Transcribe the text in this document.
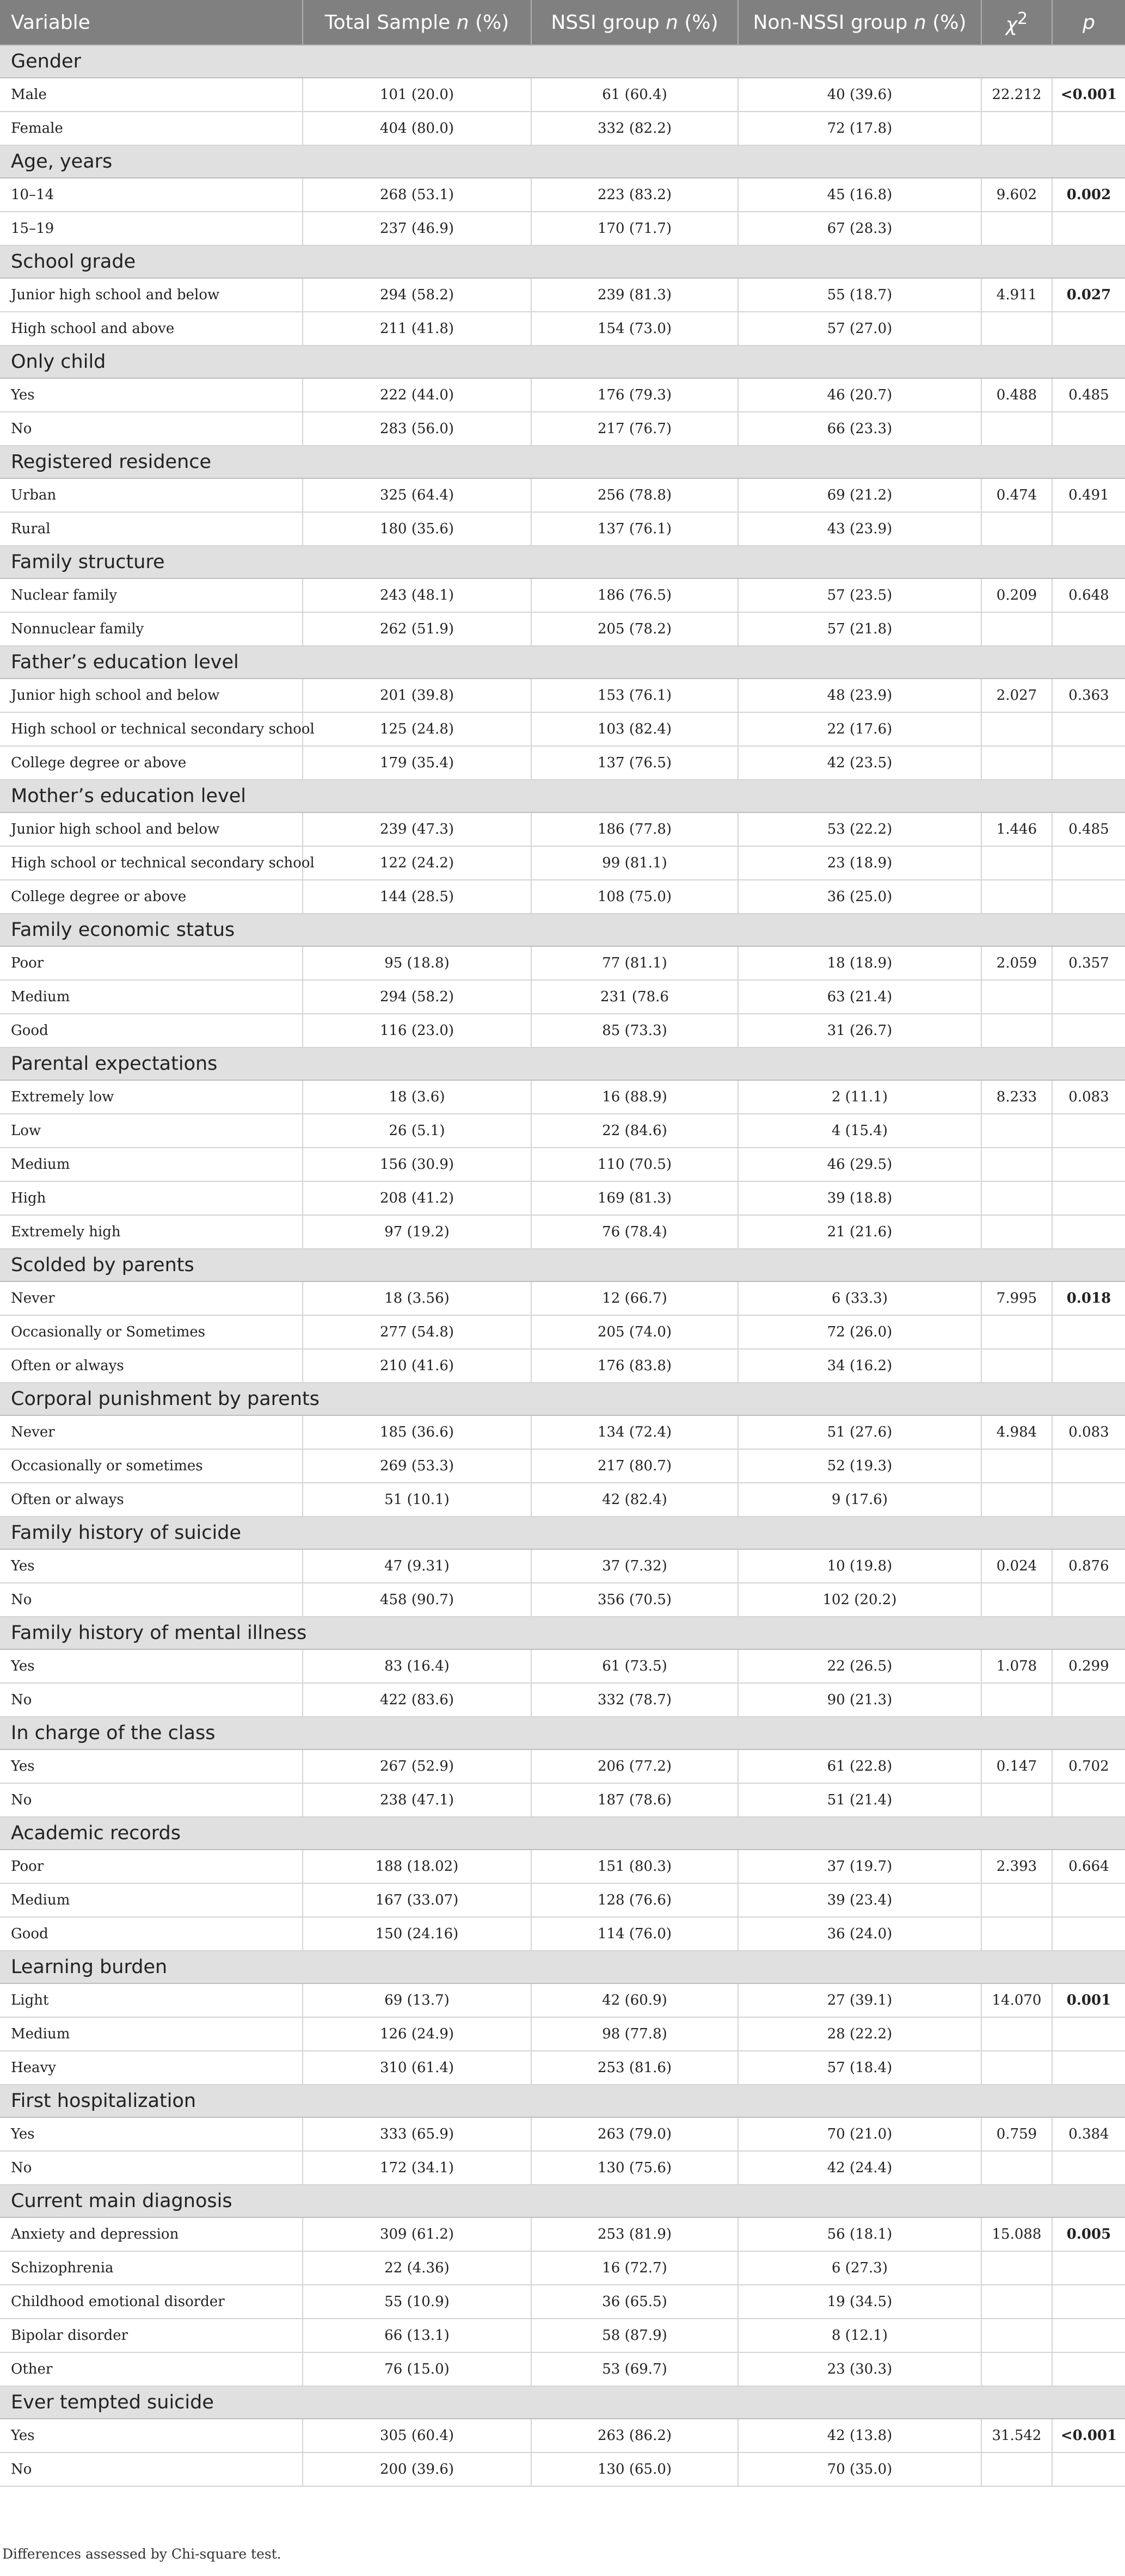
Variable	Total Sample n (%)	NSSI group n (%)	Non-NSSI group n (%)	$\chi^2$	p
Gender					
Male	101 (20.0)	61 (60.4)	40 (39.6)	22.212	<0.001
Female	404 (80.0)	332 (82.2)	72 (17.8)		
Age, years					
10–14	268 (53.1)	223 (83.2)	45 (16.8)	9.602	0.002
15–19	237 (46.9)	170 (71.7)	67 (28.3)		
School grade					
Junior high school and below	294 (58.2)	239 (81.3)	55 (18.7)	4.911	0.027
High school and above	211 (41.8)	154 (73.0)	57 (27.0)		
Only child					
Yes	222 (44.0)	176 (79.3)	46 (20.7)	0.488	0.485
No	283 (56.0)	217 (76.7)	66 (23.3)		
Registered residence					
Urban	325 (64.4)	256 (78.8)	69 (21.2)	0.474	0.491
Rural	180 (35.6)	137 (76.1)	43 (23.9)		
Family structure					
Nuclear family	243 (48.1)	186 (76.5)	57 (23.5)	0.209	0.648
Nonnuclear family	262 (51.9)	205 (78.2)	57 (21.8)		
Father’s education level					
Junior high school and below	201 (39.8)	153 (76.1)	48 (23.9)	2.027	0.363
High school or technical secondary school	125 (24.8)	103 (82.4)	22 (17.6)		
College degree or above	179 (35.4)	137 (76.5)	42 (23.5)		
Mother’s education level					
Junior high school and below	239 (47.3)	186 (77.8)	53 (22.2)	1.446	0.485
High school or technical secondary school	122 (24.2)	99 (81.1)	23 (18.9)		
College degree or above	144 (28.5)	108 (75.0)	36 (25.0)		
Family economic status					
Poor	95 (18.8)	77 (81.1)	18 (18.9)	2.059	0.357
Medium	294 (58.2)	231 (78.6	63 (21.4)		
Good	116 (23.0)	85 (73.3)	31 (26.7)		
Parental expectations					
Extremely low	18 (3.6)	16 (88.9)	2 (11.1)	8.233	0.083
Low	26 (5.1)	22 (84.6)	4 (15.4)		
Medium	156 (30.9)	110 (70.5)	46 (29.5)		
High	208 (41.2)	169 (81.3)	39 (18.8)		
Extremely high	97 (19.2)	76 (78.4)	21 (21.6)		
Scolded by parents					
Never	18 (3.56)	12 (66.7)	6 (33.3)	7.995	0.018
Occasionally or Sometimes	277 (54.8)	205 (74.0)	72 (26.0)		
Often or always	210 (41.6)	176 (83.8)	34 (16.2)		
Corporal punishment by parents					
Never	185 (36.6)	134 (72.4)	51 (27.6)	4.984	0.083
Occasionally or sometimes	269 (53.3)	217 (80.7)	52 (19.3)		
Often or always	51 (10.1)	42 (82.4)	9 (17.6)		
Family history of suicide					
Yes	47 (9.31)	37 (7.32)	10 (19.8)	0.024	0.876
No	458 (90.7)	356 (70.5)	102 (20.2)		
Family history of mental illness					
Yes	83 (16.4)	61 (73.5)	22 (26.5)	1.078	0.299
No	422 (83.6)	332 (78.7)	90 (21.3)		
In charge of the class					
Yes	267 (52.9)	206 (77.2)	61 (22.8)	0.147	0.702
No	238 (47.1)	187 (78.6)	51 (21.4)		
Academic records					
Poor	188 (18.02)	151 (80.3)	37 (19.7)	2.393	0.664
Medium	167 (33.07)	128 (76.6)	39 (23.4)		
Good	150 (24.16)	114 (76.0)	36 (24.0)		
Learning burden					
Light	69 (13.7)	42 (60.9)	27 (39.1)	14.070	0.001
Medium	126 (24.9)	98 (77.8)	28 (22.2)		
Heavy	310 (61.4)	253 (81.6)	57 (18.4)		
First hospitalization					
Yes	333 (65.9)	263 (79.0)	70 (21.0)	0.759	0.384
No	172 (34.1)	130 (75.6)	42 (24.4)		
Current main diagnosis					
Anxiety and depression	309 (61.2)	253 (81.9)	56 (18.1)	15.088	0.005
Schizophrenia	22 (4.36)	16 (72.7)	6 (27.3)		
Childhood emotional disorder	55 (10.9)	36 (65.5)	19 (34.5)		
Bipolar disorder	66 (13.1)	58 (87.9)	8 (12.1)		
Other	76 (15.0)	53 (69.7)	23 (30.3)		
Ever tempted suicide					
Yes	305 (60.4)	263 (86.2)	42 (13.8)	31.542	<0.001
No	200 (39.6)	130 (65.0)	70 (35.0)		
Differences assessed by Chi-square test.
